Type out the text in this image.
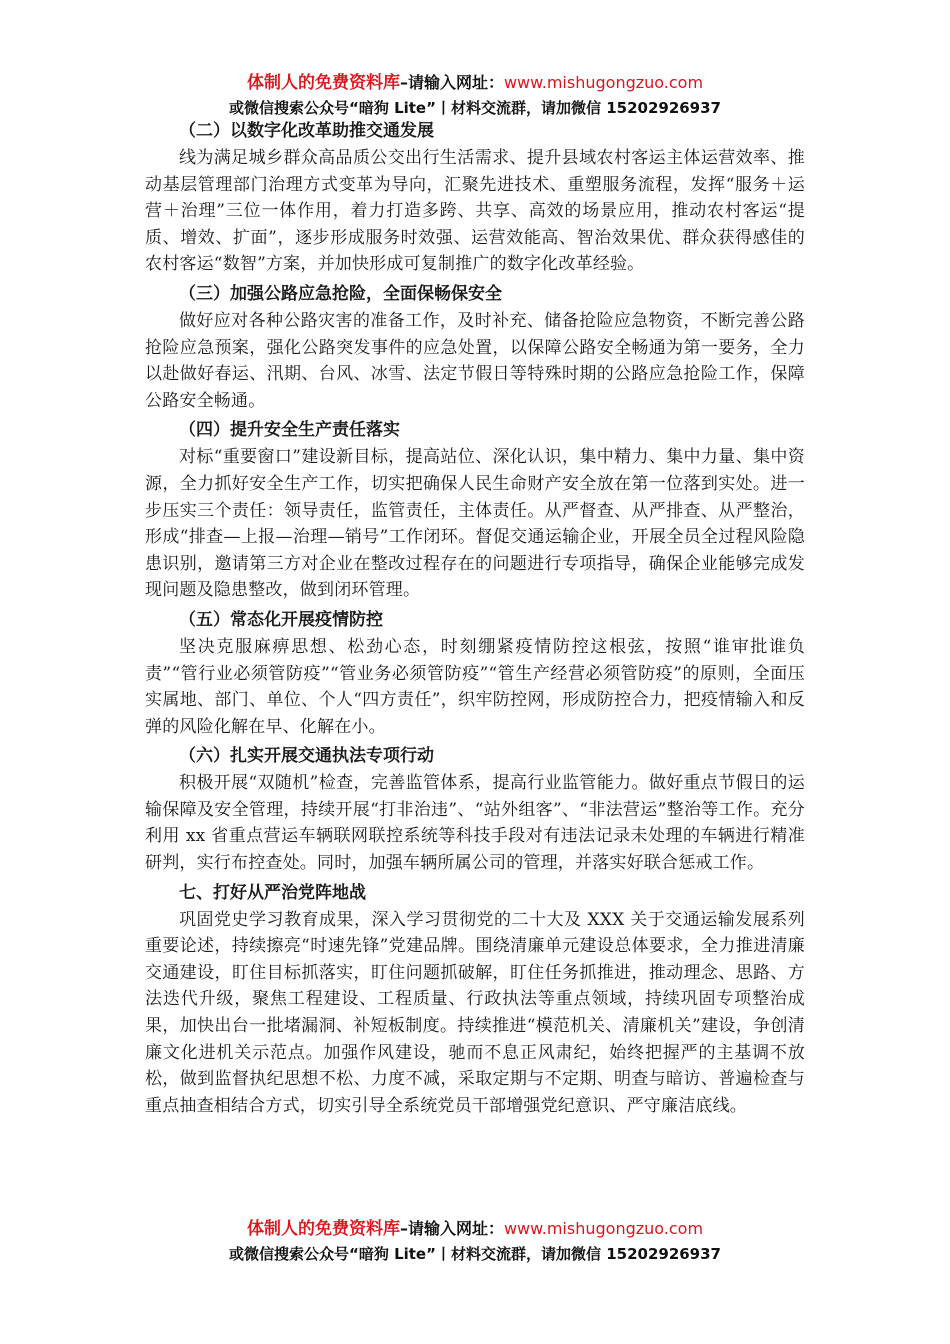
体制人的免费资料库–请输入网址：www.mishugongzuo.com
或微信搜索公众号“暗狗 Lite”丨材料交流群，请加微信 15202926937

（二）以数字化改革助推交通发展

线为满足城乡群众高品质公交出行生活需求、提升县域农村客运主体运营效率、推动基层管理部门治理方式变革为导向，汇聚先进技术、重塑服务流程，发挥“服务＋运营＋治理”三位一体作用，着力打造多跨、共享、高效的场景应用，推动农村客运“提质、增效、扩面”，逐步形成服务时效强、运营效能高、智治效果优、群众获得感佳的农村客运“数智”方案，并加快形成可复制推广的数字化改革经验。

（三）加强公路应急抢险，全面保畅保安全

做好应对各种公路灾害的准备工作，及时补充、储备抢险应急物资，不断完善公路抢险应急预案，强化公路突发事件的应急处置，以保障公路安全畅通为第一要务，全力以赴做好春运、汛期、台风、冰雪、法定节假日等特殊时期的公路应急抢险工作，保障公路安全畅通。

（四）提升安全生产责任落实

对标“重要窗口”建设新目标，提高站位、深化认识，集中精力、集中力量、集中资源，全力抓好安全生产工作，切实把确保人民生命财产安全放在第一位落到实处。进一步压实三个责任：领导责任，监管责任，主体责任。从严督查、从严排查、从严整治，形成“排查—上报—治理—销号”工作闭环。督促交通运输企业，开展全员全过程风险隐患识别，邀请第三方对企业在整改过程存在的问题进行专项指导，确保企业能够完成发现问题及隐患整改，做到闭环管理。

（五）常态化开展疫情防控

坚决克服麻痹思想、松劲心态，时刻绷紧疫情防控这根弦，按照“谁审批谁负责”“管行业必须管防疫”“管业务必须管防疫”“管生产经营必须管防疫”的原则，全面压实属地、部门、单位、个人“四方责任”，织牢防控网，形成防控合力，把疫情输入和反弹的风险化解在早、化解在小。

（六）扎实开展交通执法专项行动

积极开展“双随机”检查，完善监管体系，提高行业监管能力。做好重点节假日的运输保障及安全管理，持续开展“打非治违”、“站外组客”、“非法营运”整治等工作。充分利用 xx 省重点营运车辆联网联控系统等科技手段对有违法记录未处理的车辆进行精准研判，实行布控查处。同时，加强车辆所属公司的管理，并落实好联合惩戒工作。

七、打好从严治党阵地战

巩固党史学习教育成果，深入学习贯彻党的二十大及 XXX 关于交通运输发展系列重要论述，持续擦亮“时速先锋”党建品牌。围绕清廉单元建设总体要求，全力推进清廉交通建设，盯住目标抓落实，盯住问题抓破解，盯住任务抓推进，推动理念、思路、方法迭代升级，聚焦工程建设、工程质量、行政执法等重点领域，持续巩固专项整治成果，加快出台一批堵漏洞、补短板制度。持续推进“模范机关、清廉机关”建设，争创清廉文化进机关示范点。加强作风建设，驰而不息正风肃纪，始终把握严的主基调不放松，做到监督执纪思想不松、力度不减，采取定期与不定期、明查与暗访、普遍检查与重点抽查相结合方式，切实引导全系统党员干部增强党纪意识、严守廉洁底线。

体制人的免费资料库–请输入网址：www.mishugongzuo.com
或微信搜索公众号“暗狗 Lite”丨材料交流群，请加微信 15202926937
